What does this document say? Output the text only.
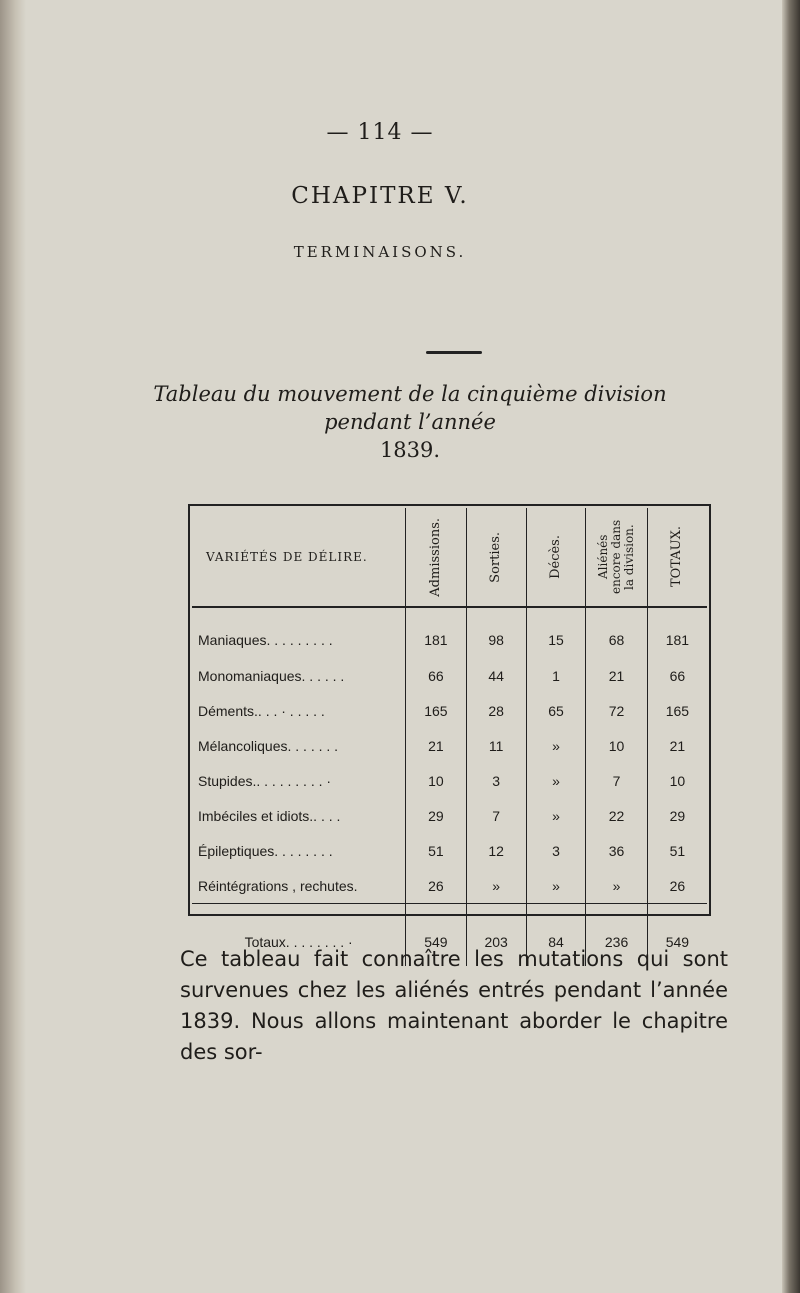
— 114 —
CHAPITRE V.
TERMINAISONS.
Tableau du mouvement de la cinquième division pendant l’année
1839.
VARIÉTÉS DE DÉLIRE.	Admissions.	Sorties.	Décès.	Aliénés encore dans la division.	TOTAUX.

Maniaques. . . . . . . . .	181	98	15	68	181
Monomaniaques. . . . . .	66	44	1	21	66
Déments.. . . · . . . . .	165	28	65	72	165
Mélancoliques. . . . . . .	21	11	»	10	21
Stupides.. . . . . . . . . ·	10	3	»	7	10
Imbéciles et idiots.. . . .	29	7	»	22	29
Épileptiques. . . . . . . .	51	12	3	36	51
Réintégrations , rechutes.	26	»	»	»	26
Totaux. . . . . . . . ·	549	203	84	236	549
Ce tableau fait connaître les mutations qui sont survenues chez les aliénés entrés pendant l’année 1839. Nous allons maintenant aborder le chapitre des sor-
